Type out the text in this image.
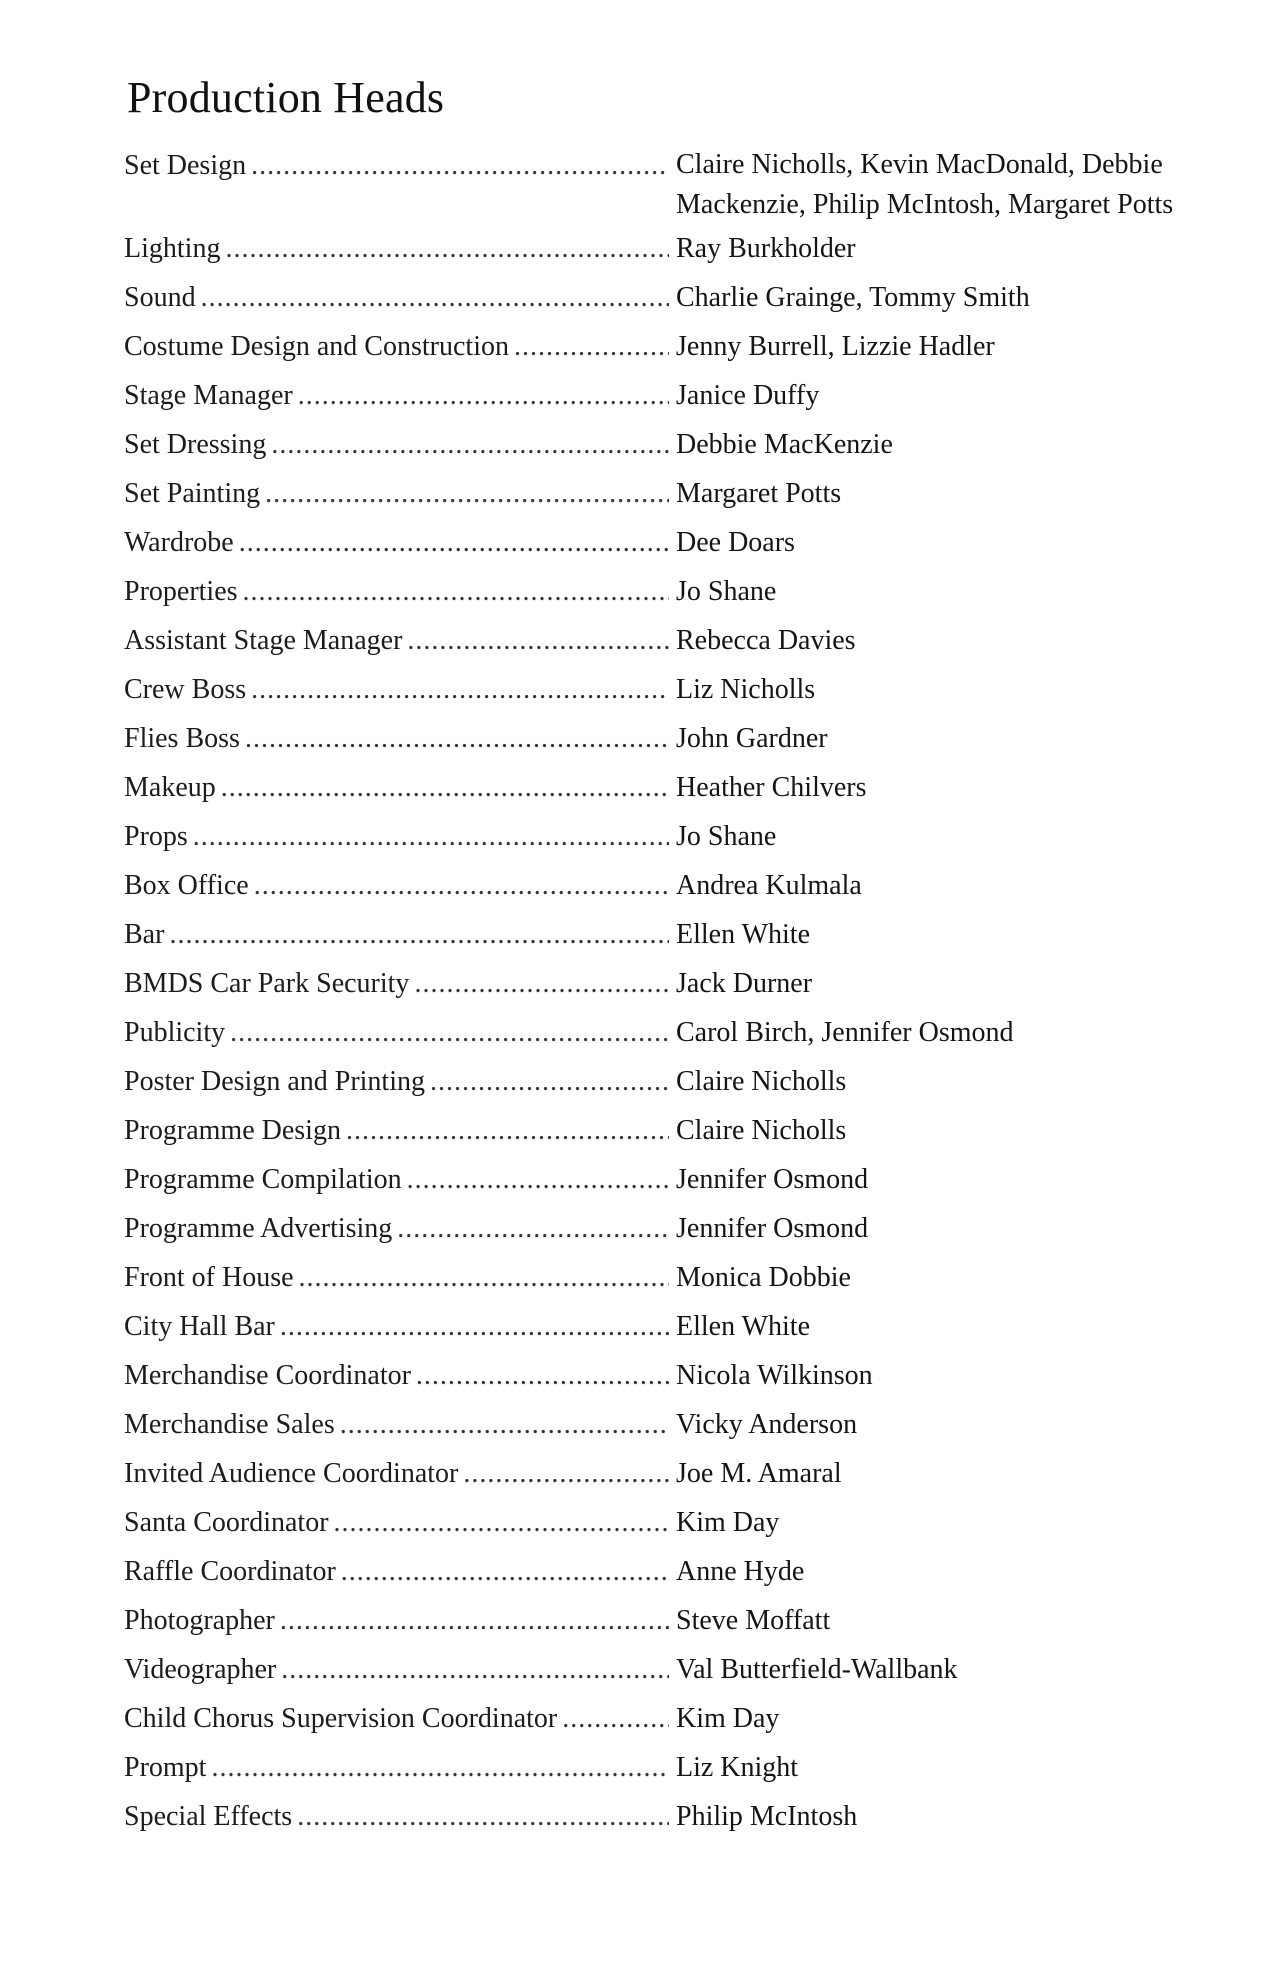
Production Heads
Set Design .....	Claire Nicholls, Kevin MacDonald, Debbie Mackenzie, Philip McIntosh, Margaret Potts
Lighting .....	Ray Burkholder
Sound .....	Charlie Grainge, Tommy Smith
Costume Design and Construction .....	Jenny Burrell, Lizzie Hadler
Stage Manager .....	Janice Duffy
Set Dressing .....	Debbie MacKenzie
Set Painting .....	Margaret Potts
Wardrobe .....	Dee Doars
Properties .....	Jo Shane
Assistant Stage Manager .....	Rebecca Davies
Crew Boss .....	Liz Nicholls
Flies Boss .....	John Gardner
Makeup .....	Heather Chilvers
Props .....	Jo Shane
Box Office .....	Andrea Kulmala
Bar .....	Ellen White
BMDS Car Park Security .....	Jack Durner
Publicity .....	Carol Birch, Jennifer Osmond
Poster Design and Printing .....	Claire Nicholls
Programme Design .....	Claire Nicholls
Programme Compilation .....	Jennifer Osmond
Programme Advertising .....	Jennifer Osmond
Front of House .....	Monica Dobbie
City Hall Bar .....	Ellen White
Merchandise Coordinator .....	Nicola Wilkinson
Merchandise Sales .....	Vicky Anderson
Invited Audience Coordinator .....	Joe M. Amaral
Santa Coordinator .....	Kim Day
Raffle Coordinator .....	Anne Hyde
Photographer .....	Steve Moffatt
Videographer .....	Val Butterfield-Wallbank
Child Chorus Supervision Coordinator .....	Kim Day
Prompt .....	Liz Knight
Special Effects .....	Philip McIntosh
